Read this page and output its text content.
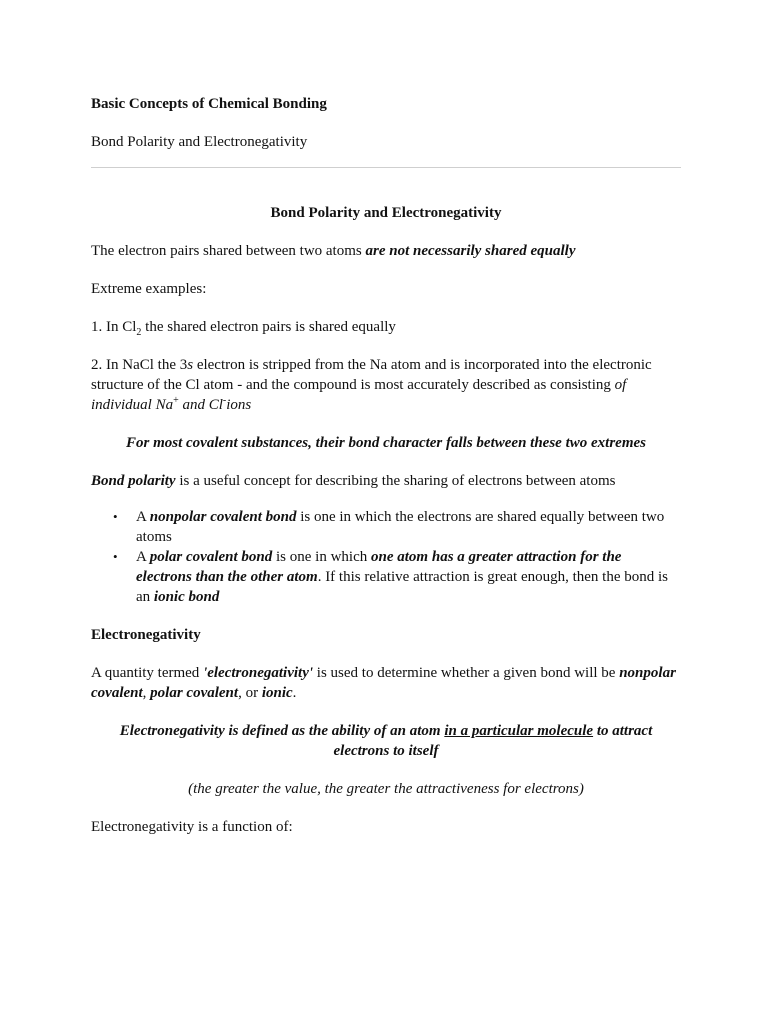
Basic Concepts of Chemical Bonding

Bond Polarity and Electronegativity

Bond Polarity and Electronegativity

The electron pairs shared between two atoms are not necessarily shared equally

Extreme examples:

1. In $Cl_2$ the shared electron pairs is shared equally

2. In NaCl the 3s electron is stripped from the Na atom and is incorporated into the electronic structure of the Cl atom - and the compound is most accurately described as consisting of individual Na+ and Cl-ions

For most covalent substances, their bond character falls between these two extremes

Bond polarity is a useful concept for describing the sharing of electrons between atoms

• A nonpolar covalent bond is one in which the electrons are shared equally between two atoms
• A polar covalent bond is one in which one atom has a greater attraction for the electrons than the other atom. If this relative attraction is great enough, then the bond is an ionic bond

Electronegativity

A quantity termed 'electronegativity' is used to determine whether a given bond will be nonpolar covalent, polar covalent, or ionic.

Electronegativity is defined as the ability of an atom in a particular molecule to attract electrons to itself

(the greater the value, the greater the attractiveness for electrons)

Electronegativity is a function of:
